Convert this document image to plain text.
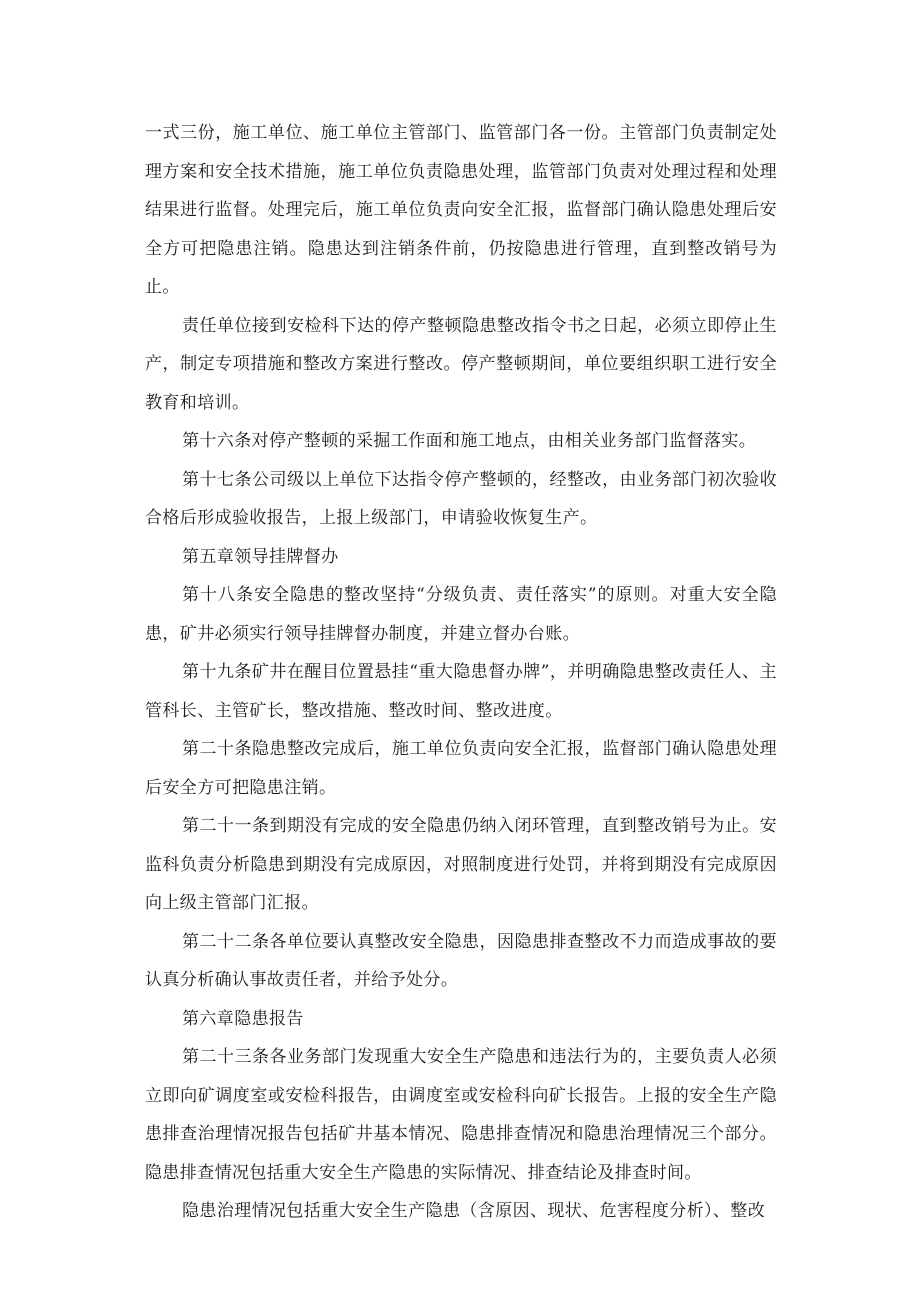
一式三份，施工单位、施工单位主管部门、监管部门各一份。主管部门负责制定处理方案和安全技术措施，施工单位负责隐患处理，监管部门负责对处理过程和处理结果进行监督。处理完后，施工单位负责向安全汇报，监督部门确认隐患处理后安全方可把隐患注销。隐患达到注销条件前，仍按隐患进行管理，直到整改销号为止。

责任单位接到安检科下达的停产整顿隐患整改指令书之日起，必须立即停止生产，制定专项措施和整改方案进行整改。停产整顿期间，单位要组织职工进行安全教育和培训。

第十六条对停产整顿的采掘工作面和施工地点，由相关业务部门监督落实。

第十七条公司级以上单位下达指令停产整顿的，经整改，由业务部门初次验收合格后形成验收报告，上报上级部门，申请验收恢复生产。

第五章领导挂牌督办

第十八条安全隐患的整改坚持“分级负责、责任落实”的原则。对重大安全隐患，矿井必须实行领导挂牌督办制度，并建立督办台账。

第十九条矿井在醒目位置悬挂“重大隐患督办牌”，并明确隐患整改责任人、主管科长、主管矿长，整改措施、整改时间、整改进度。

第二十条隐患整改完成后，施工单位负责向安全汇报，监督部门确认隐患处理后安全方可把隐患注销。

第二十一条到期没有完成的安全隐患仍纳入闭环管理，直到整改销号为止。安监科负责分析隐患到期没有完成原因，对照制度进行处罚，并将到期没有完成原因向上级主管部门汇报。

第二十二条各单位要认真整改安全隐患，因隐患排查整改不力而造成事故的要认真分析确认事故责任者，并给予处分。

第六章隐患报告

第二十三条各业务部门发现重大安全生产隐患和违法行为的，主要负责人必须立即向矿调度室或安检科报告，由调度室或安检科向矿长报告。上报的安全生产隐患排查治理情况报告包括矿井基本情况、隐患排查情况和隐患治理情况三个部分。隐患排查情况包括重大安全生产隐患的实际情况、排查结论及排查时间。

隐患治理情况包括重大安全生产隐患（含原因、现状、危害程度分析）、整改
